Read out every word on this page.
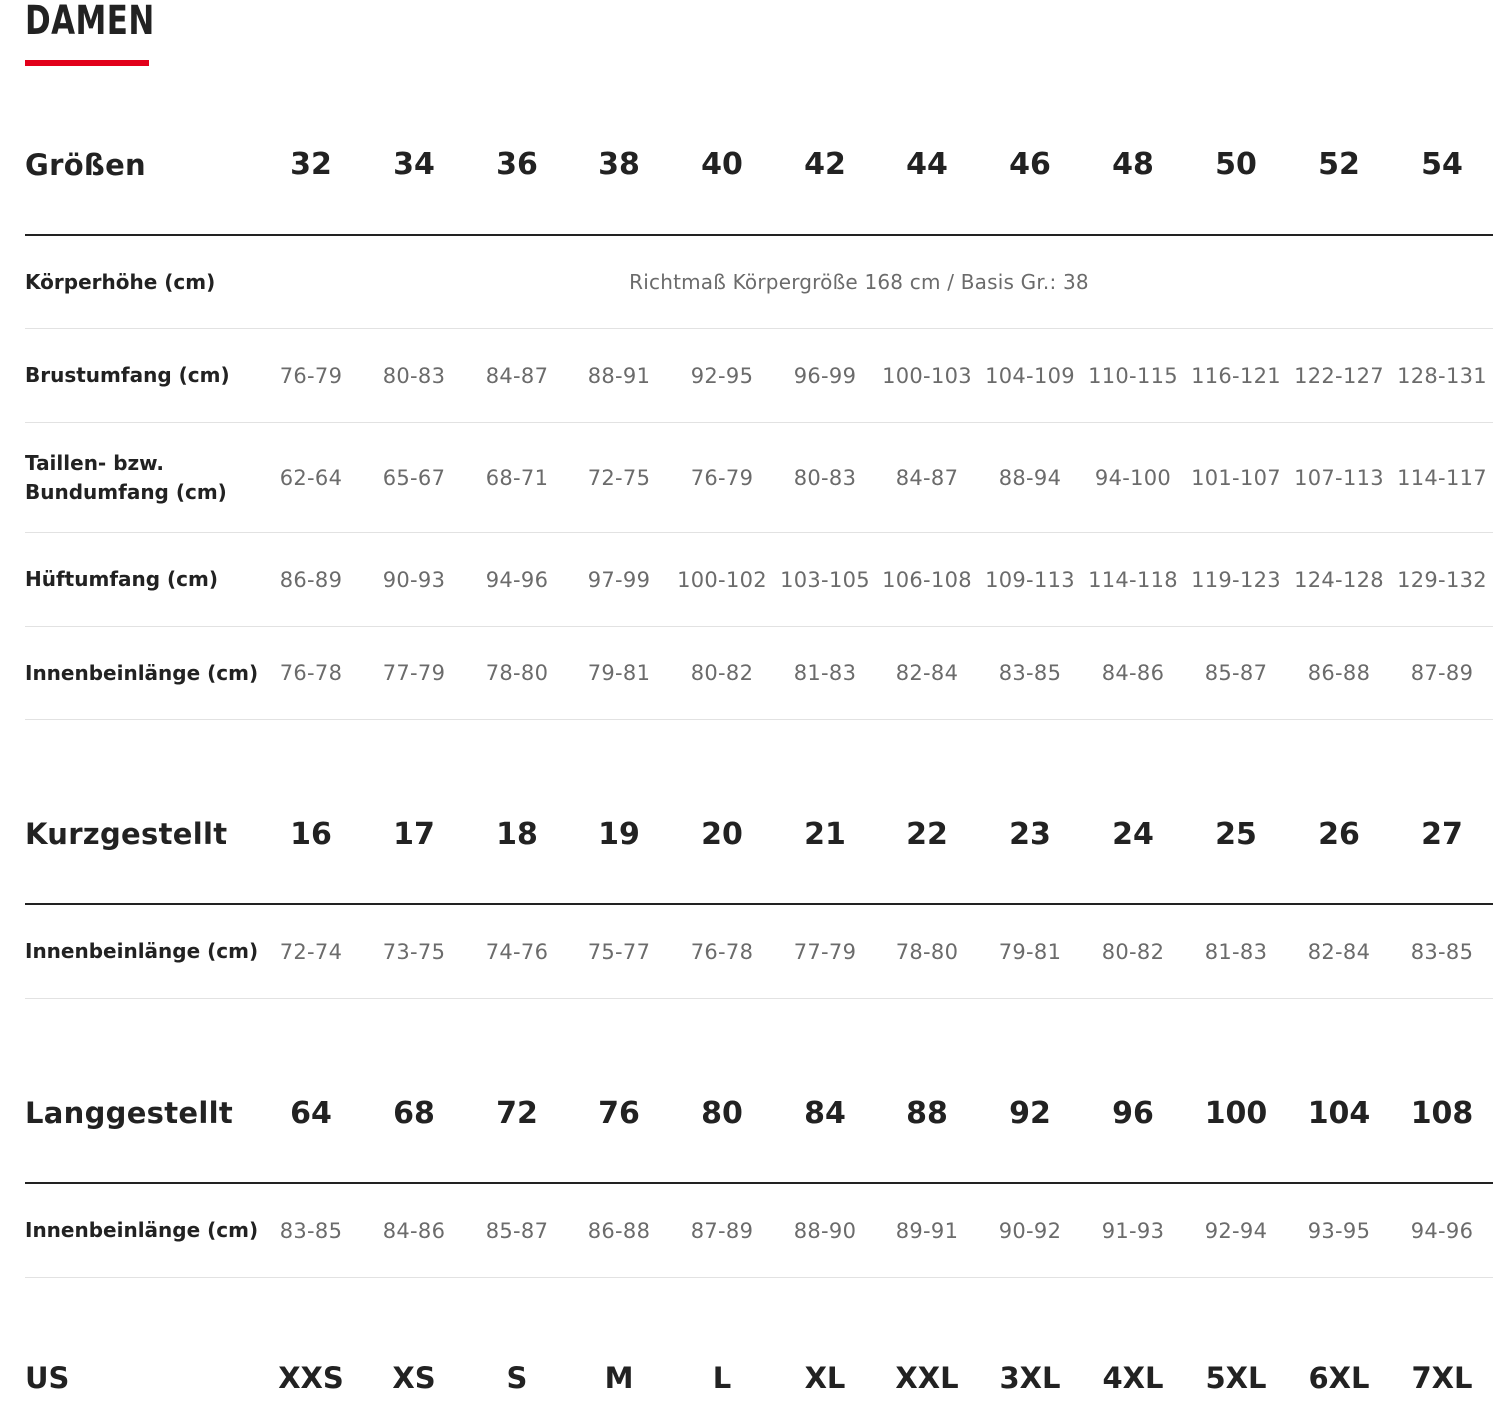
DAMEN
Größen	32	34	36	38	40	42	44	46	48	50	52	54
Körperhöhe (cm)	Richtmaß Körpergröße 168 cm / Basis Gr.: 38
Brustumfang (cm)	76-79	80-83	84-87	88-91	92-95	96-99	100-103 104-109 110-115 116-121 122-127 128-131
Taillen- bzw.
Bundumfang (cm)
62-64	65-67	68-71	72-75	76-79	80-83	84-87	88-94	94-100 101-107 107-113 114-117
Hüftumfang (cm)	86-89	90-93	94-96	97-99	100-102 103-105 106-108 109-113 114-118 119-123 124-128 129-132
Innenbeinlänge (cm)	76-78	77-79	78-80	79-81	80-82	81-83	82-84	83-85	84-86	85-87	86-88	87-89
Kurzgestellt	16	17	18	19	20	21	22	23	24	25	26	27
Innenbeinlänge (cm)	72-74	73-75	74-76	75-77	76-78	77-79	78-80	79-81	80-82	81-83	82-84	83-85
Langgestellt	64	68	72	76	80	84	88	92	96	100	104	108
Innenbeinlänge (cm)	83-85	84-86	85-87	86-88	87-89	88-90	89-91	90-92	91-93	92-94	93-95	94-96
US	XXS	XS	S	M	L	XL	XXL	3XL	4XL	5XL	6XL	7XL
